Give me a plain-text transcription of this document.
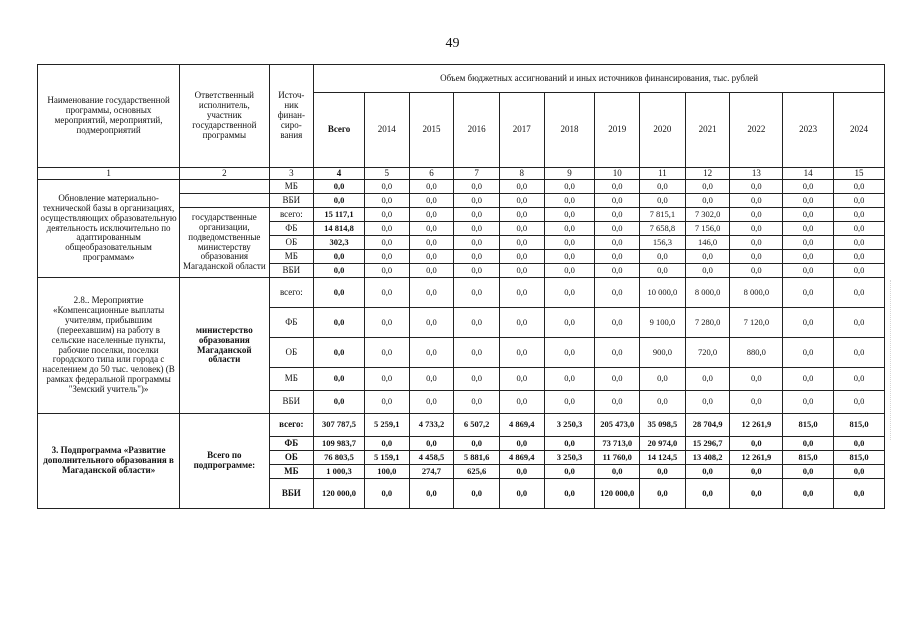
49
Наименование государственной программы, основных мероприятий, мероприятий, подмероприятий	Ответственный исполнитель, участник государственной программы	Источ-ник финан-сиро-вания	Объем бюджетных ассигнований и иных источников финансирования, тыс. рублей											
			Всего	2014	2015	2016	2017	2018	2019	2020	2021	2022	2023	2024
1	2	3	4	5	6	7	8	9	10	11	12	13	14	15
Обновление материально-технической базы в организациях, осуществляющих образовательную деятельность исключительно по адаптированным общеобразовательным программам»		МБ	0,0	0,0	0,0	0,0	0,0	0,0	0,0	0,0	0,0	0,0	0,0	0,0
		ВБИ	0,0	0,0	0,0	0,0	0,0	0,0	0,0	0,0	0,0	0,0	0,0	0,0
	государственные организации, подведомственные министерству образования Магаданской области	всего:	15 117,1	0,0	0,0	0,0	0,0	0,0	0,0	7 815,1	7 302,0	0,0	0,0	0,0
		ФБ	14 814,8	0,0	0,0	0,0	0,0	0,0	0,0	7 658,8	7 156,0	0,0	0,0	0,0
		ОБ	302,3	0,0	0,0	0,0	0,0	0,0	0,0	156,3	146,0	0,0	0,0	0,0
		МБ	0,0	0,0	0,0	0,0	0,0	0,0	0,0	0,0	0,0	0,0	0,0	0,0
		ВБИ	0,0	0,0	0,0	0,0	0,0	0,0	0,0	0,0	0,0	0,0	0,0	0,0
2.8.. Мероприятие «Компенсационные выплаты учителям, прибывшим (переехавшим) на работу в сельские населенные пункты, рабочие поселки, поселки городского типа или города с населением до 50 тыс. человек) (В рамках федеральной программы "Земский учитель")»	министерство образования Магаданской области	всего:	0,0	0,0	0,0	0,0	0,0	0,0	0,0	10 000,0	8 000,0	8 000,0	0,0	0,0
		ФБ	0,0	0,0	0,0	0,0	0,0	0,0	0,0	9 100,0	7 280,0	7 120,0	0,0	0,0
		ОБ	0,0	0,0	0,0	0,0	0,0	0,0	0,0	900,0	720,0	880,0	0,0	0,0
		МБ	0,0	0,0	0,0	0,0	0,0	0,0	0,0	0,0	0,0	0,0	0,0	0,0
		ВБИ	0,0	0,0	0,0	0,0	0,0	0,0	0,0	0,0	0,0	0,0	0,0	0,0
3. Подпрограмма «Развитие дополнительного образования в Магаданской области»	Всего по подпрограмме:	всего:	307 787,5	5 259,1	4 733,2	6 507,2	4 869,4	3 250,3	205 473,0	35 098,5	28 704,9	12 261,9	815,0	815,0
		ФБ	109 983,7	0,0	0,0	0,0	0,0	0,0	73 713,0	20 974,0	15 296,7	0,0	0,0	0,0
		ОБ	76 803,5	5 159,1	4 458,5	5 881,6	4 869,4	3 250,3	11 760,0	14 124,5	13 408,2	12 261,9	815,0	815,0
		МБ	1 000,3	100,0	274,7	625,6	0,0	0,0	0,0	0,0	0,0	0,0	0,0	0,0
		ВБИ	120 000,0	0,0	0,0	0,0	0,0	0,0	120 000,0	0,0	0,0	0,0	0,0	0,0
